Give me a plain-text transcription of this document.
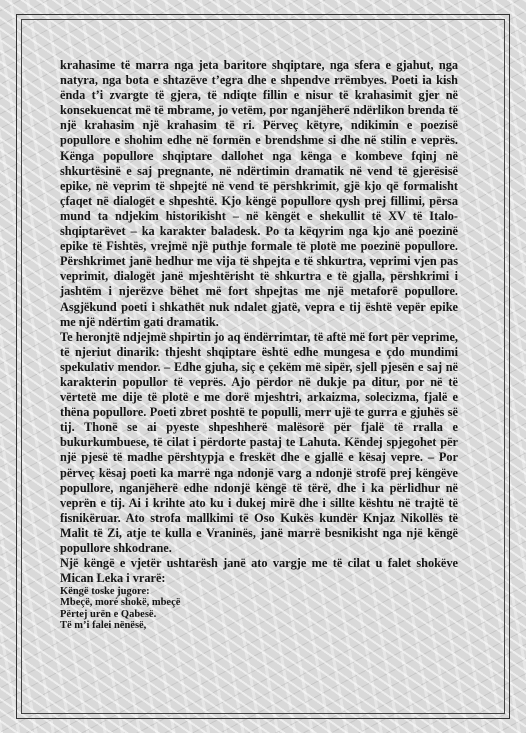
krahasime të marra nga jeta baritore shqiptare, nga sfera e gjahut, nga natyra, nga bota e shtazëve t’egra dhe e shpendve rrëmbyes. Poeti ia kish ënda t’i zvargte të gjera, të ndiqte fillin e nisur të krahasimit gjer në konsekuencat më të mbrame, jo vetëm, por nganjëherë ndërlikon brenda të një krahasim një krahasim të ri. Përveç këtyre, ndikimin e poezisë popullore e shohim edhe në formën e brendshme si dhe në stilin e veprës. Kënga popullore shqiptare dallohet nga kënga e kombeve fqinj në shkurtësinë e saj pregnante, në ndërtimin dramatik në vend të gjerësisë epike, në veprim të shpejtë në vend të përshkrimit, gjë kjo që formalisht çfaqet në dialogët e shpeshtë. Kjo këngë popullore qysh prej fillimi, përsa mund ta ndjekim historikisht – në këngët e shekullit të XV të Italo-shqiptarëvet – ka karakter baladesk. Po ta këqyrim nga kjo anë poezinë epike të Fishtës, vrejmë një puthje formale të plotë me poezinë popullore. Përshkrimet janë hedhur me vija të shpejta e të shkurtra, veprimi vjen pas veprimit, dialogët janë mjeshtërisht të shkurtra e të gjalla, përshkrimi i jashtëm i njerëzve bëhet më fort shpejtas me një metaforë popullore. Asgjëkund poeti i shkathët nuk ndalet gjatë, vepra e tij është vepër epike me një ndërtim gati dramatik.

Te heronjtë ndjejmë shpirtin jo aq ëndërrimtar, të aftë më fort për veprime, të njeriut dinarik: thjesht shqiptare është edhe mungesa e çdo mundimi spekulativ mendor. – Edhe gjuha, siç e çekëm më sipër, sjell pjesën e saj në karakterin popullor të veprës. Ajo përdor në dukje pa ditur, por në të vërtetë me dije të plotë e me dorë mjeshtri, arkaizma, solecizma, fjalë e thëna popullore. Poeti zbret poshtë te populli, merr ujë te gurra e gjuhës së tij. Thonë se ai pyeste shpeshherë malësorë për fjalë të rralla e bukurkumbuese, të cilat i përdorte pastaj te Lahuta. Këndej spjegohet për një pjesë të madhe përshtypja e freskët dhe e gjallë e kësaj vepre. – Por përveç kësaj poeti ka marrë nga ndonjë varg a ndonjë strofë prej këngëve popullore, nganjëherë edhe ndonjë këngë të tërë, dhe i ka përlidhur në veprën e tij. Ai i krihte ato ku i dukej mirë dhe i sillte kështu në trajtë të fisnikëruar. Ato strofa mallkimi të Oso Kukës kundër Knjaz Nikollës të Malit të Zi, atje te kulla e Vraninës, janë marrë besnikisht nga një këngë popullore shkodrane.

Një këngë e vjetër ushtarësh janë ato vargje me të cilat u falet shokëve Mican Leka i vrarë:

Këngë toske jugore:
Mbeçë, moré shokë, mbeçë
Përtej urën e Qabesë.
Të m’i falei nënësë,
